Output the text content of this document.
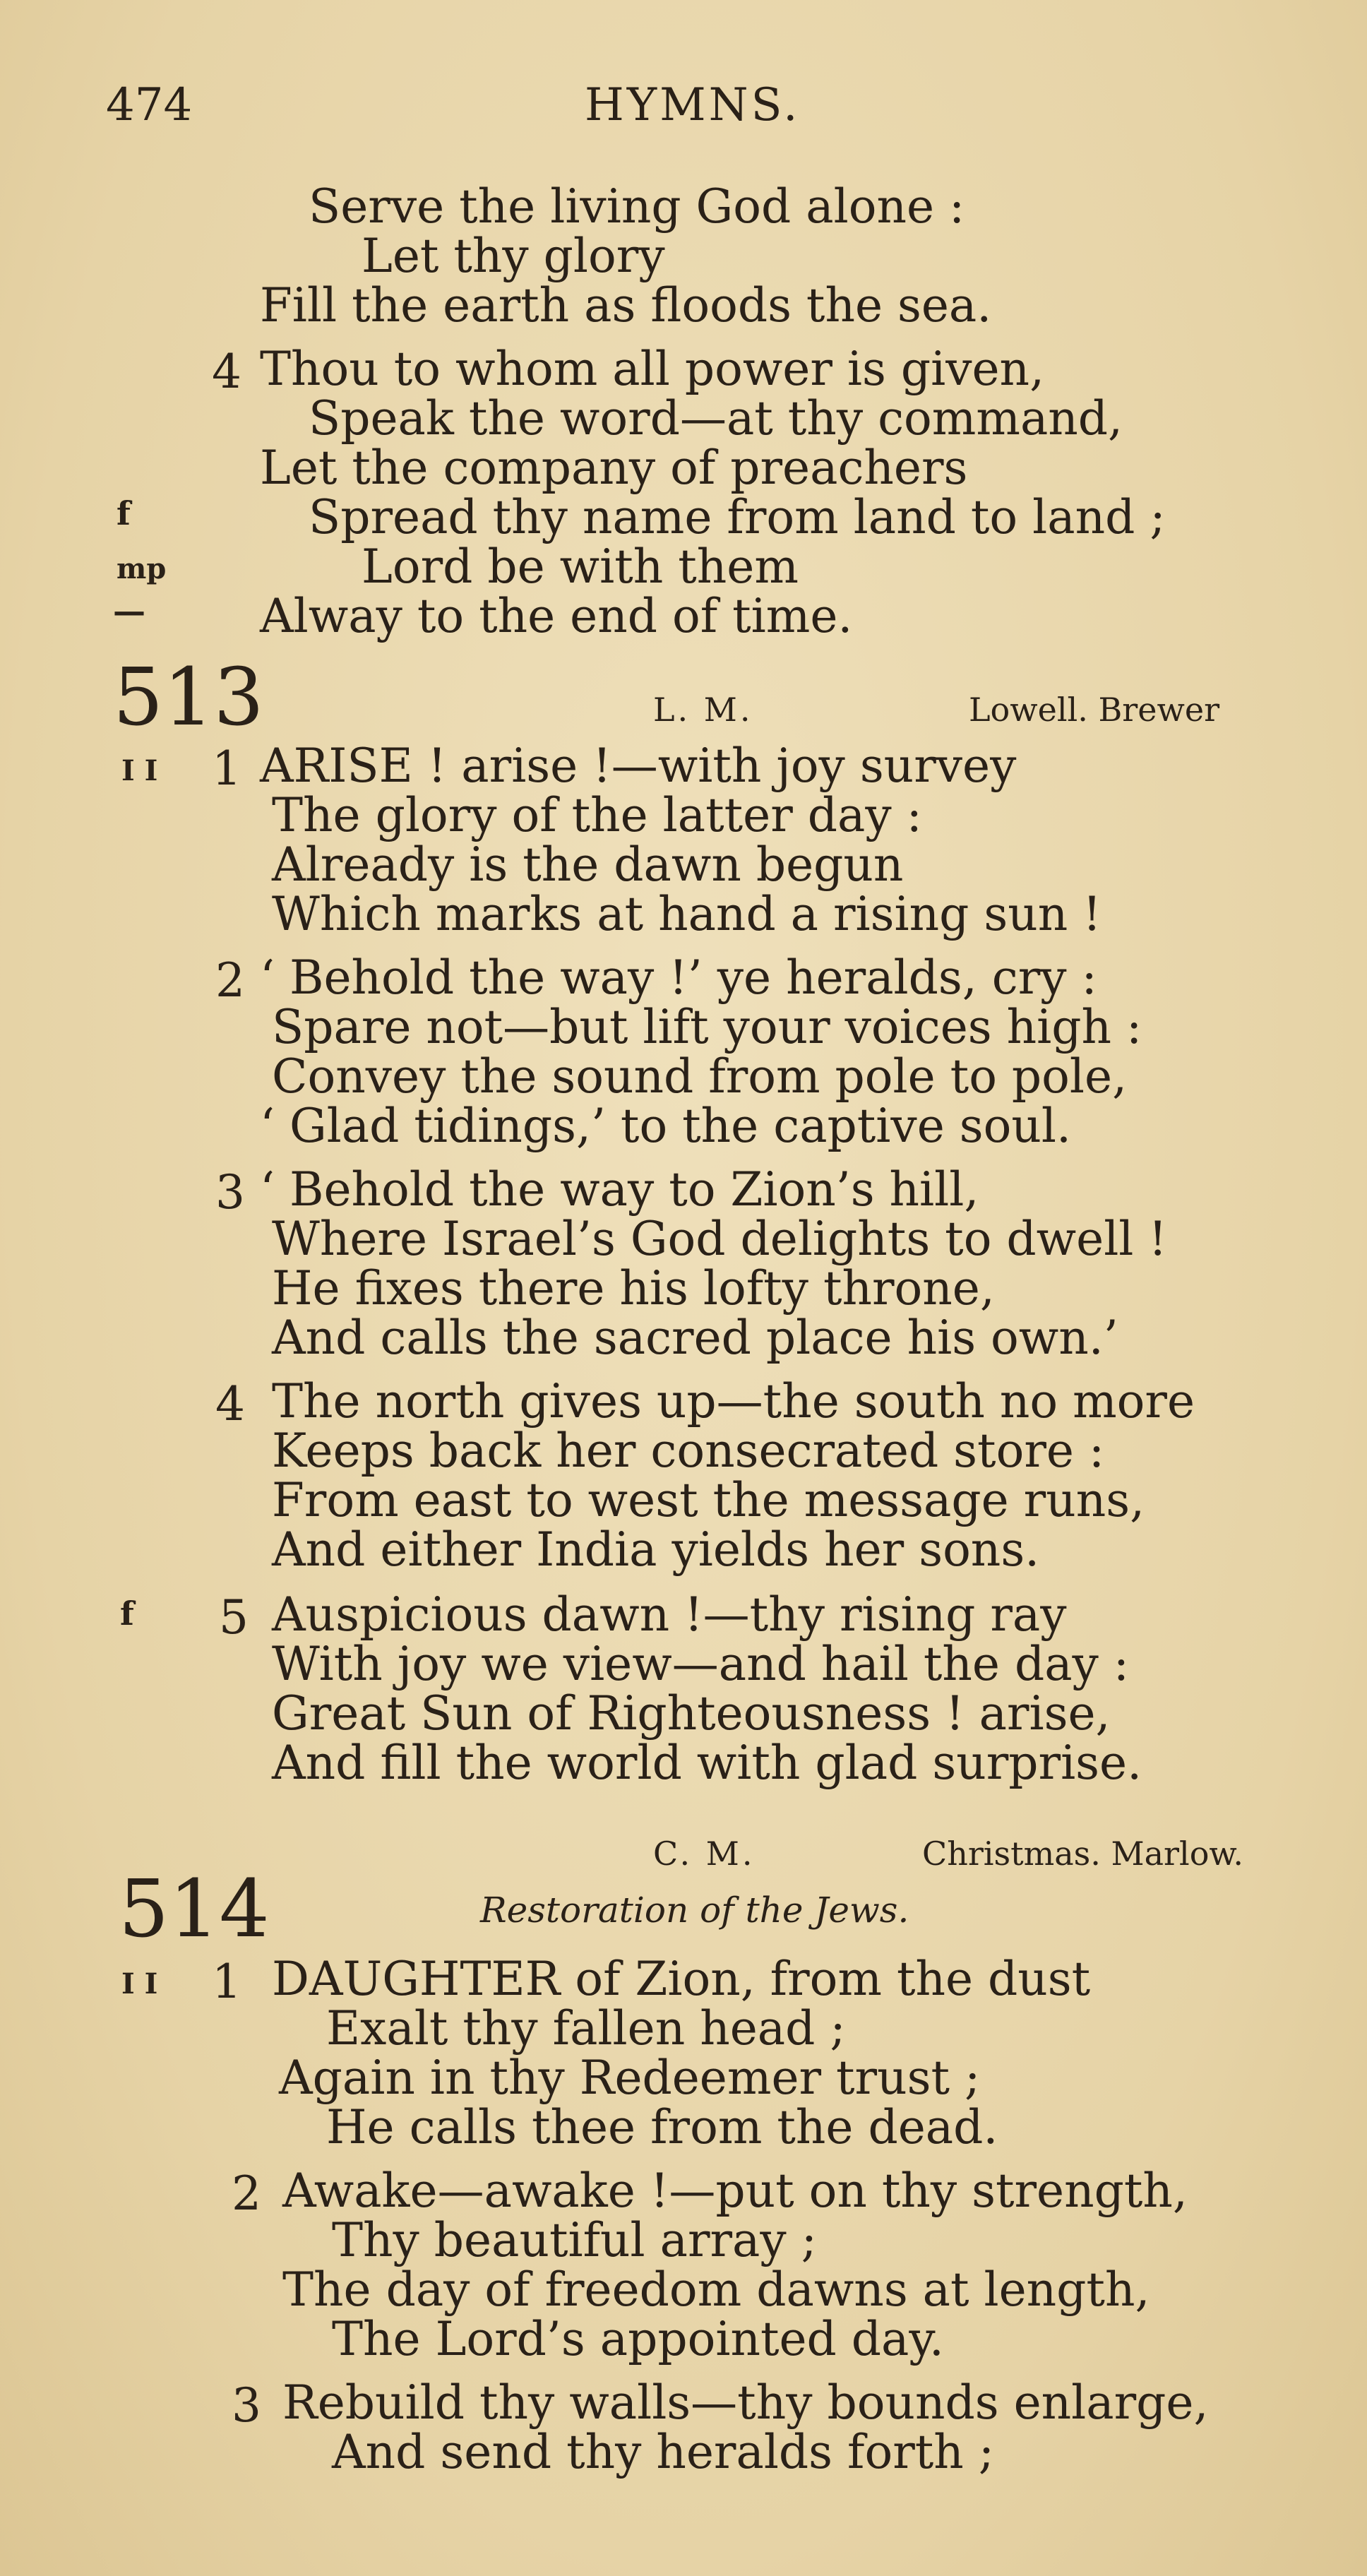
474	HYMNS.
Serve the living God alone :
Let thy glory
Fill the earth as floods the sea.
4 Thou to whom all power is given,
Speak the word—at thy command,
Let the company of preachers
f	Spread thy name from land to land ;
mp	Lord be with them
— Alway to the end of time.
513	L. M.	Lowell. Brewer
I I 1 ARISE ! arise !—with joy survey
The glory of the latter day :
Already is the dawn begun
Which marks at hand a rising sun !
2 ‘ Behold the way !’ ye heralds, cry :
Spare not—but lift your voices high :
Convey the sound from pole to pole,
‘ Glad tidings,’ to the captive soul.
3 ‘ Behold the way to Zion’s hill,
Where Israel’s God delights to dwell !
He fixes there his lofty throne,
And calls the sacred place his own.’
4 The north gives up—the south no more
Keeps back her consecrated store :
From east to west the message runs,
And either India yields her sons.
f 5 Auspicious dawn !—thy rising ray
With joy we view—and hail the day :
Great Sun of Righteousness ! arise,
And fill the world with glad surprise.
C. M.	Christmas. Marlow.
514	Restoration of the Jews.
I I 1 DAUGHTER of Zion, from the dust
Exalt thy fallen head ;
Again in thy Redeemer trust ;
He calls thee from the dead.
2 Awake—awake !—put on thy strength,
Thy beautiful array ;
The day of freedom dawns at length,
The Lord’s appointed day.
3 Rebuild thy walls—thy bounds enlarge,
And send thy heralds forth ;
